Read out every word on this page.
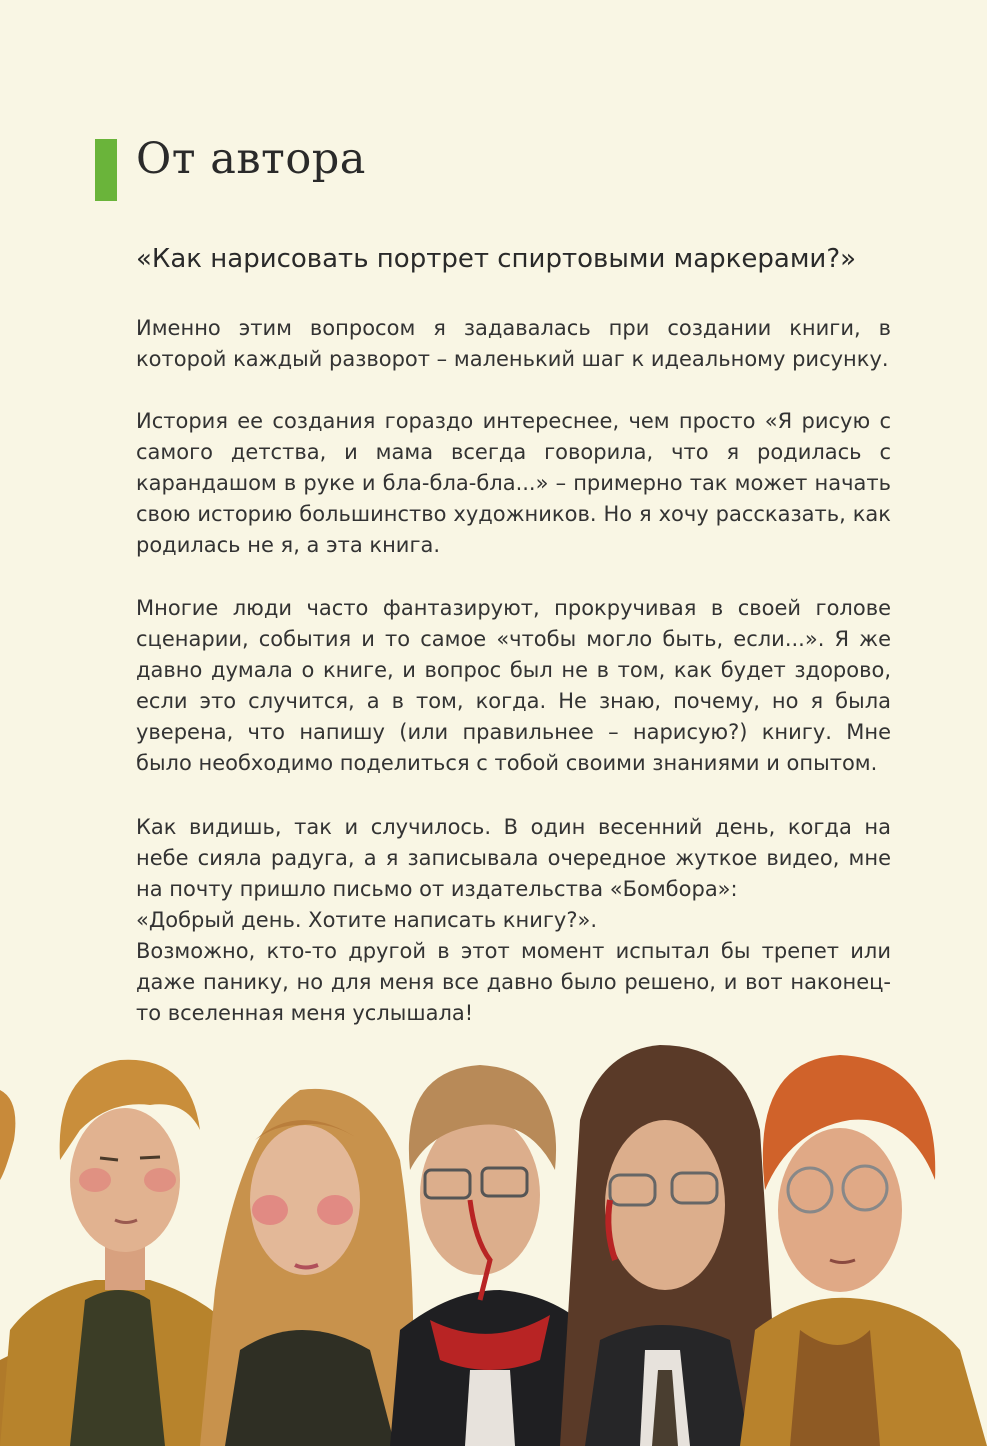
От автора

«Как нарисовать портрет спиртовыми маркерами?»

Именно этим вопросом я задавалась при создании книги, в которой каждый разворот – маленький шаг к идеальному рисунку.

История ее создания гораздо интереснее, чем просто «Я рисую с самого детства, и мама всегда говорила, что я родилась с карандашом в руке и бла-бла-бла...» – примерно так может начать свою историю большинство художников. Но я хочу рассказать, как родилась не я, а эта книга.

Многие люди часто фантазируют, прокручивая в своей голове сценарии, события и то самое «чтобы могло быть, если...». Я же давно думала о книге, и вопрос был не в том, как будет здорово, если это случится, а в том, когда. Не знаю, почему, но я была уверена, что напишу (или правильнее – нарисую?) книгу. Мне было необходимо поделиться с тобой своими знаниями и опытом.

Как видишь, так и случилось. В один весенний день, когда на небе сияла радуга, а я записывала очередное жуткое видео, мне на почту пришло письмо от издательства «Бомбора»:
«Добрый день. Хотите написать книгу?».
Возможно, кто-то другой в этот момент испытал бы трепет или даже панику, но для меня все давно было решено, и вот наконец-то вселенная меня услышала!
